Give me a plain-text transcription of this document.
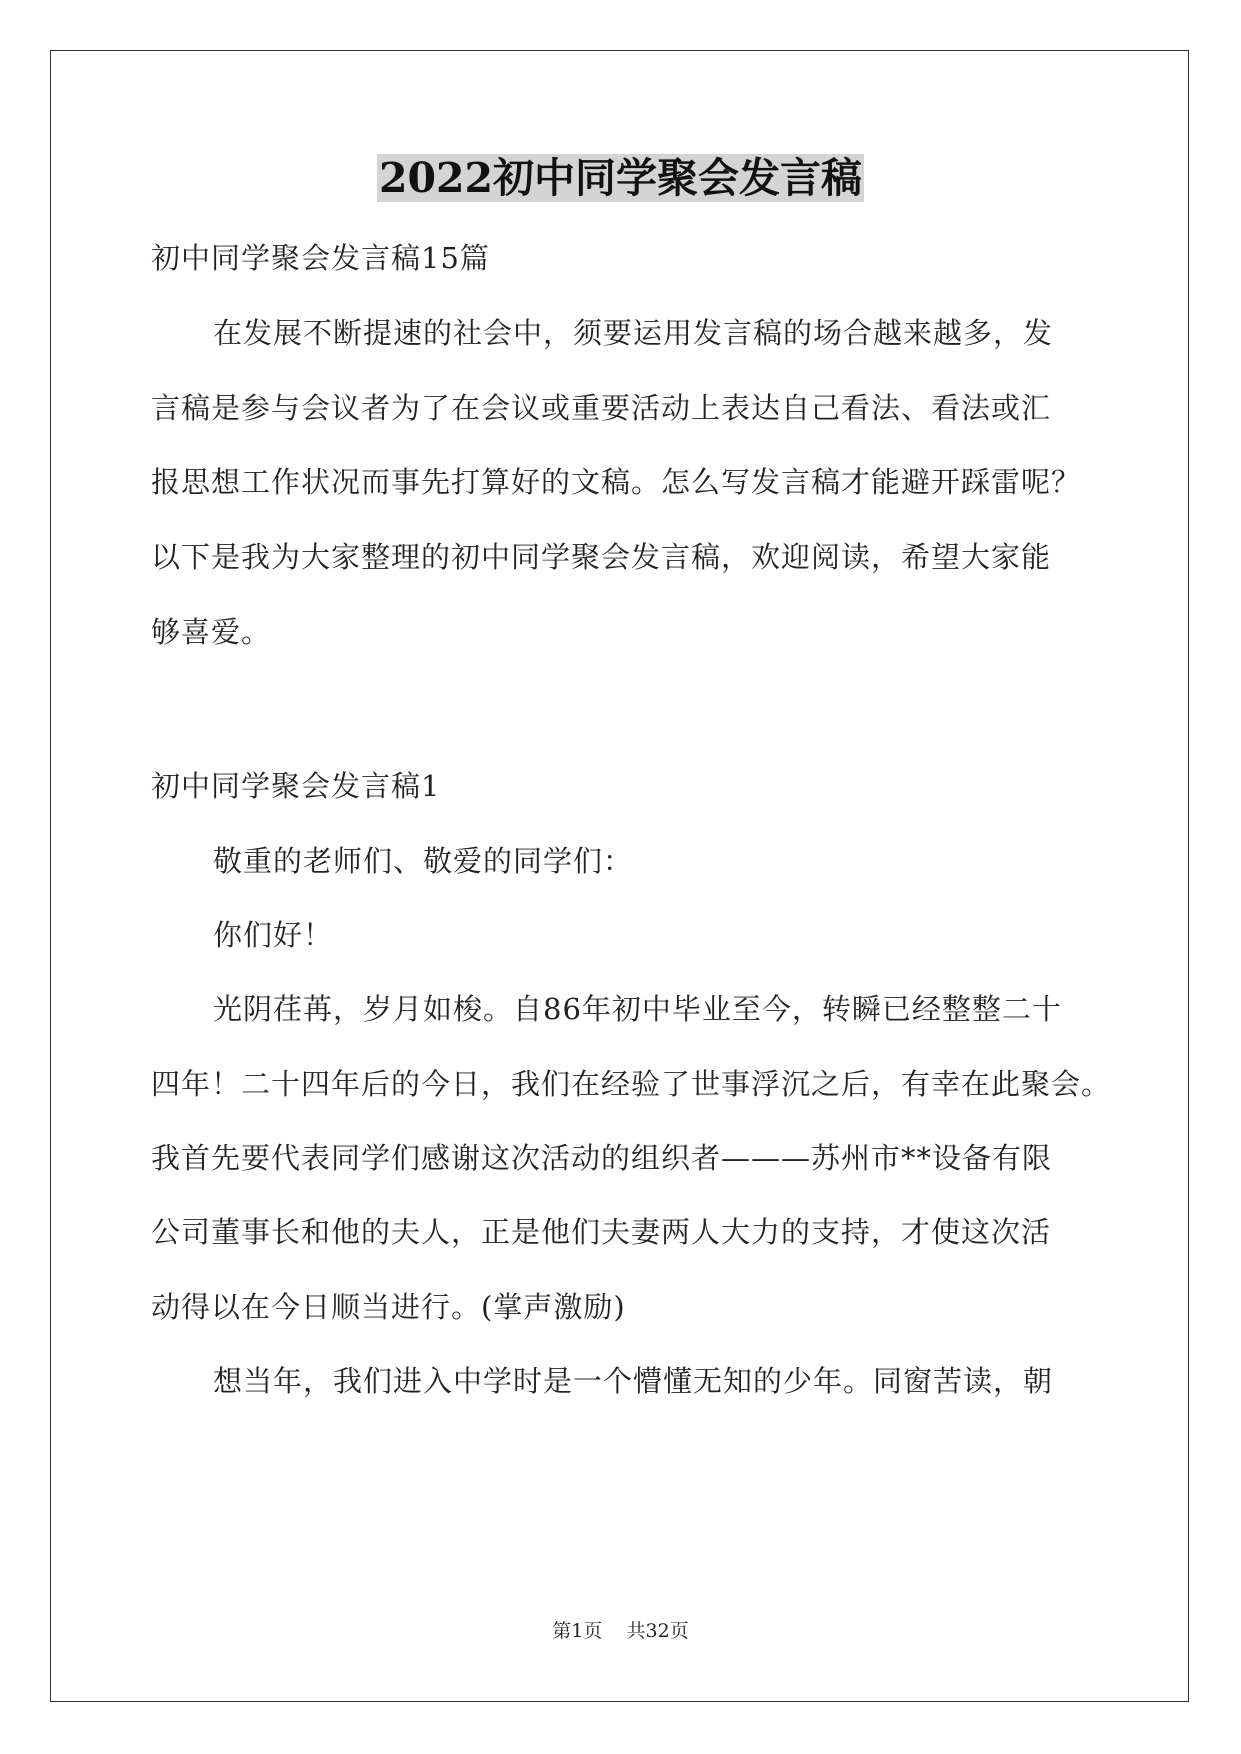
2022初中同学聚会发言稿
初中同学聚会发言稿15篇
在发展不断提速的社会中，须要运用发言稿的场合越来越多，发
言稿是参与会议者为了在会议或重要活动上表达自己看法、看法或汇
报思想工作状况而事先打算好的文稿。怎么写发言稿才能避开踩雷呢？
以下是我为大家整理的初中同学聚会发言稿，欢迎阅读，希望大家能
够喜爱。
初中同学聚会发言稿1
敬重的老师们、敬爱的同学们：
你们好！
光阴荏苒，岁月如梭。自86年初中毕业至今，转瞬已经整整二十
四年！二十四年后的今日，我们在经验了世事浮沉之后，有幸在此聚会。
我首先要代表同学们感谢这次活动的组织者———苏州市**设备有限
公司董事长和他的夫人，正是他们夫妻两人大力的支持，才使这次活
动得以在今日顺当进行。(掌声激励)
想当年，我们进入中学时是一个懵懂无知的少年。同窗苦读，朝
第1页    共32页
